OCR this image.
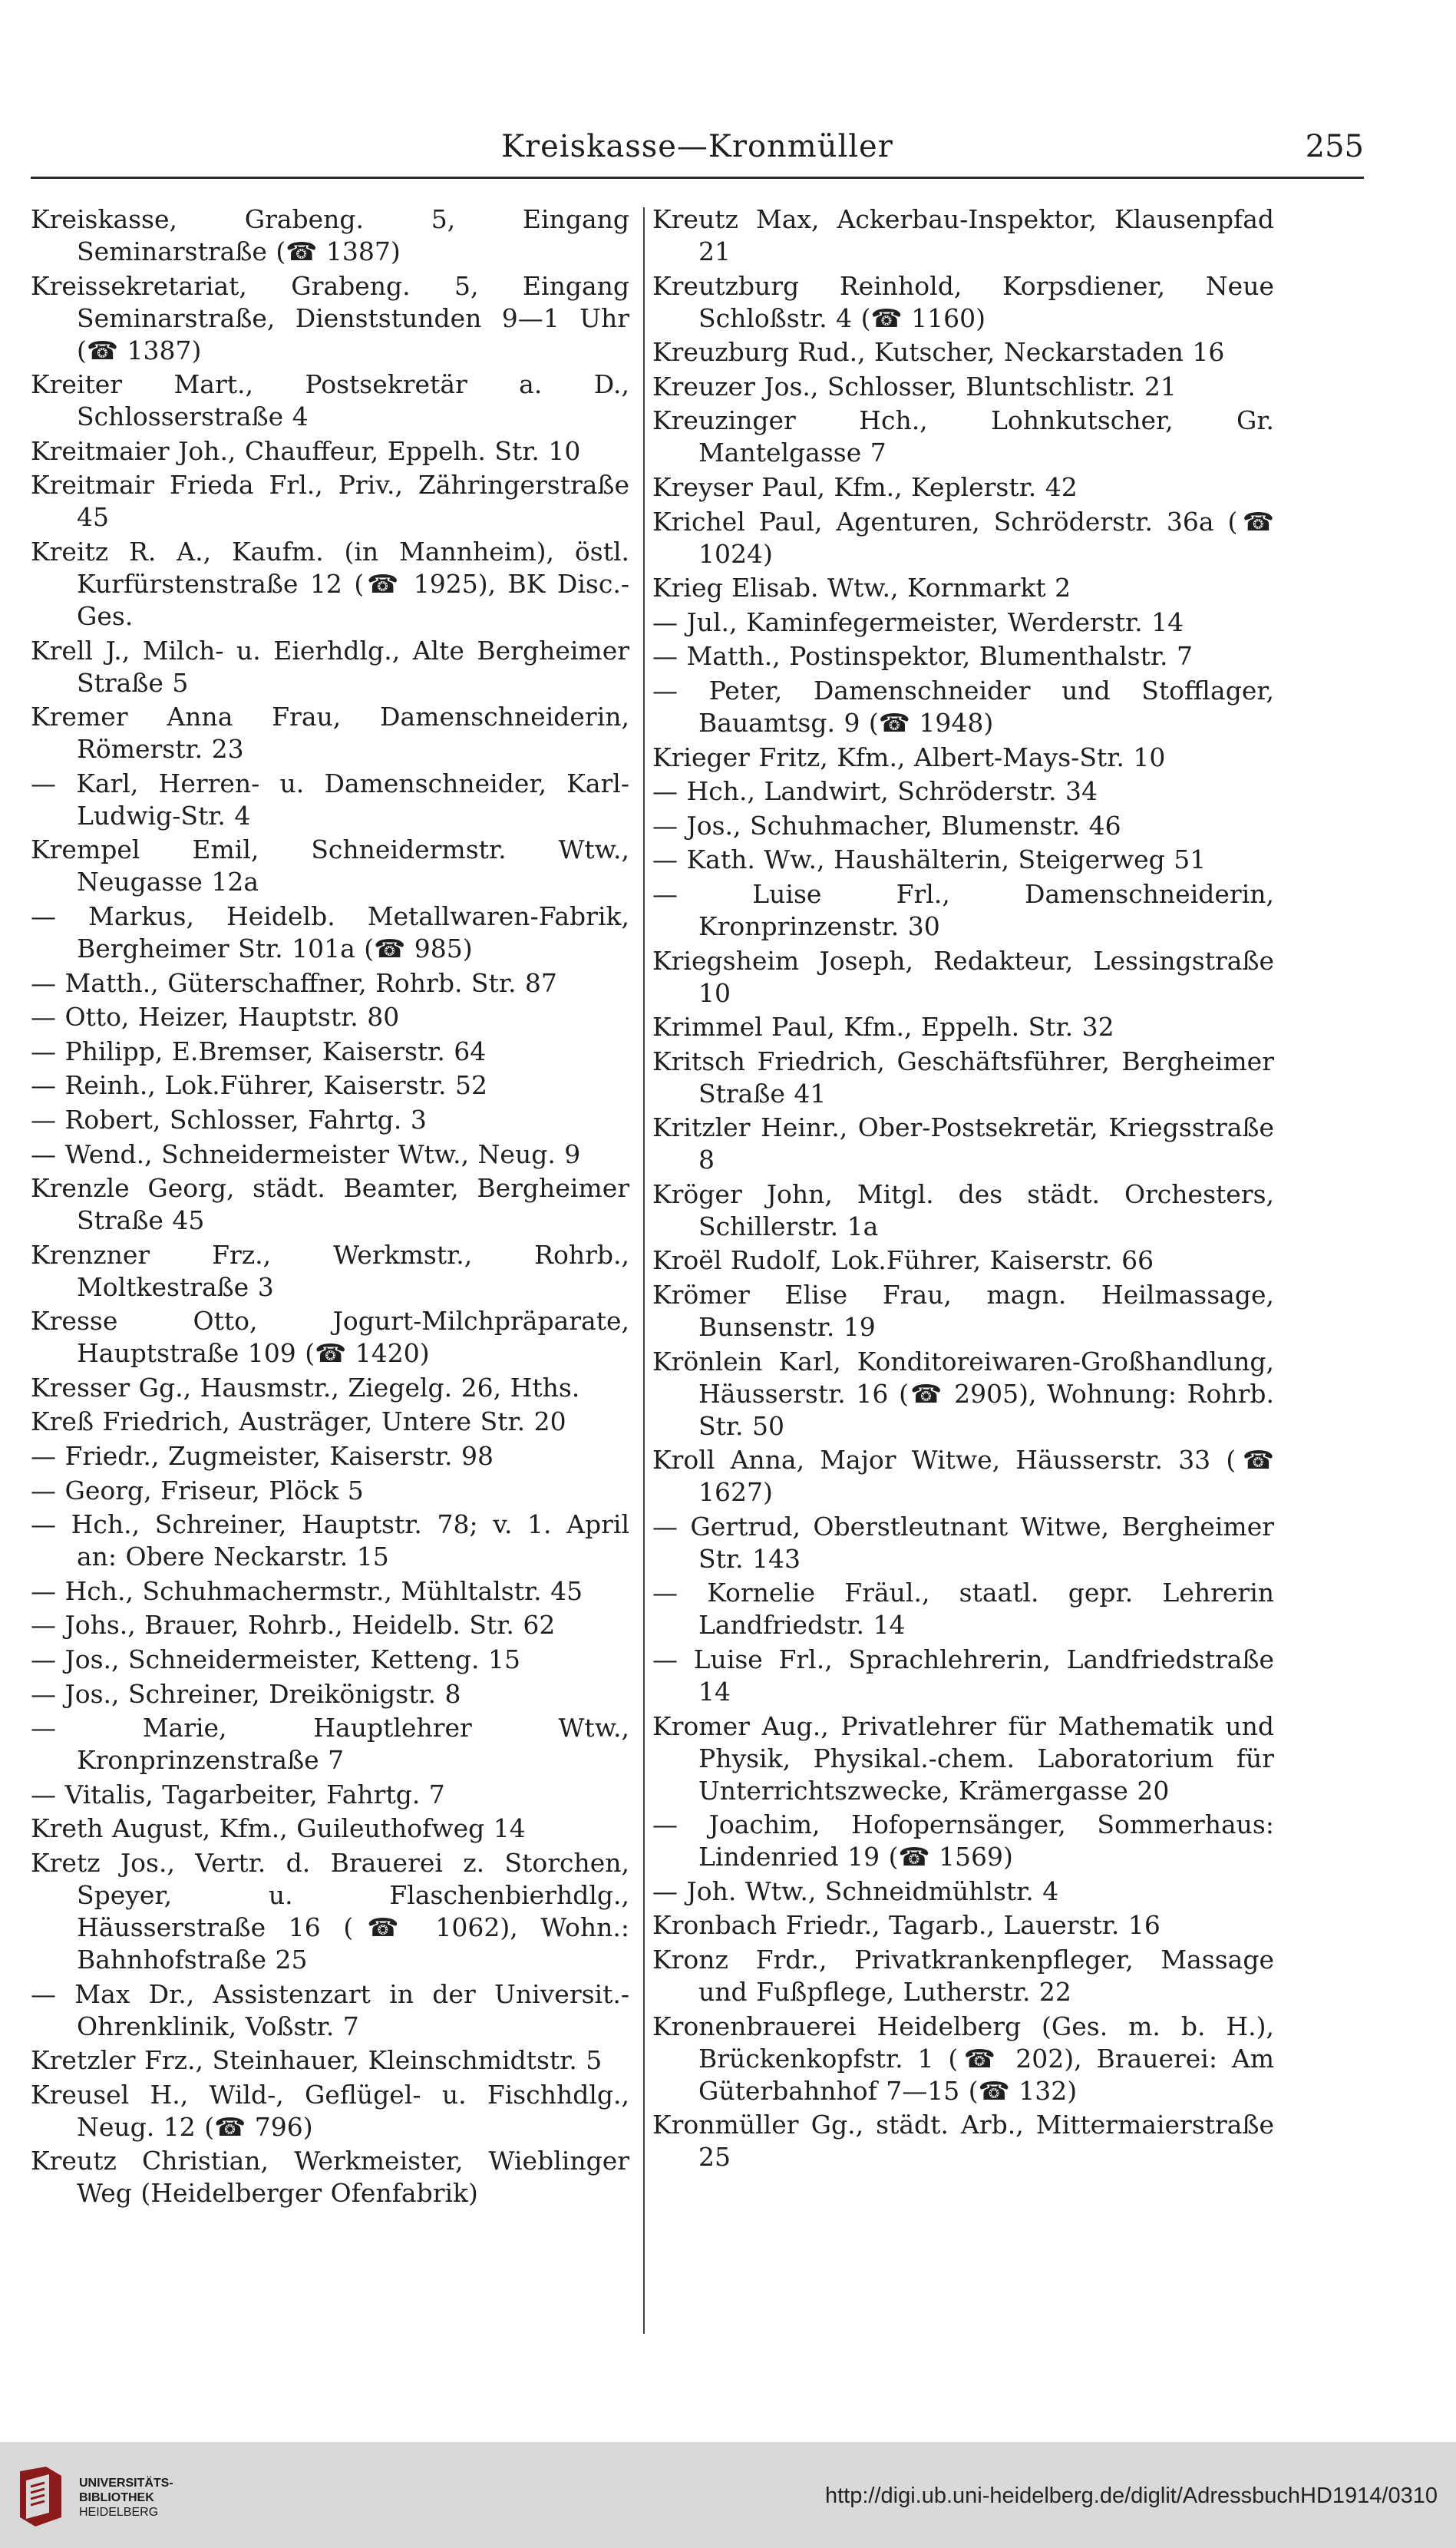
Kreiskasse—Kronmüller	255

Kreiskasse, Grabeng. 5, Eingang Seminarstraße (☎ 1387)

Kreissekretariat, Grabeng. 5, Eingang Seminarstraße, Dienststunden 9—1 Uhr (☎ 1387)

Kreiter Mart., Postsekretär a. D., Schlosserstraße 4

Kreitmaier Joh., Chauffeur, Eppelh. Str. 10

Kreitmair Frieda Frl., Priv., Zähringerstraße 45

Kreitz R. A., Kaufm. (in Mannheim), östl. Kurfürstenstraße 12 (☎ 1925), BK Disc.-Ges.

Krell J., Milch- u. Eierhdlg., Alte Bergheimer Straße 5

Kremer Anna Frau, Damenschneiderin, Römerstr. 23

— Karl, Herren- u. Damenschneider, Karl-Ludwig-Str. 4

Krempel Emil, Schneidermstr. Wtw., Neugasse 12a

— Markus, Heidelb. Metallwaren-Fabrik, Bergheimer Str. 101a (☎ 985)

— Matth., Güterschaffner, Rohrb. Str. 87

— Otto, Heizer, Hauptstr. 80

— Philipp, E.Bremser, Kaiserstr. 64

— Reinh., Lok.Führer, Kaiserstr. 52

— Robert, Schlosser, Fahrtg. 3

— Wend., Schneidermeister Wtw., Neug. 9

Krenzle Georg, städt. Beamter, Bergheimer Straße 45

Krenzner Frz., Werkmstr., Rohrb., Moltkestraße 3

Kresse Otto, Jogurt-Milchpräparate, Hauptstraße 109 (☎ 1420)

Kresser Gg., Hausmstr., Ziegelg. 26, Hths.

Kreß Friedrich, Austräger, Untere Str. 20

— Friedr., Zugmeister, Kaiserstr. 98

— Georg, Friseur, Plöck 5

— Hch., Schreiner, Hauptstr. 78; v. 1. April an: Obere Neckarstr. 15

— Hch., Schuhmachermstr., Mühltalstr. 45

— Johs., Brauer, Rohrb., Heidelb. Str. 62

— Jos., Schneidermeister, Ketteng. 15

— Jos., Schreiner, Dreikönigstr. 8

— Marie, Hauptlehrer Wtw., Kronprinzenstraße 7

— Vitalis, Tagarbeiter, Fahrtg. 7

Kreth August, Kfm., Guileuthofweg 14

Kretz Jos., Vertr. d. Brauerei z. Storchen, Speyer, u. Flaschenbierhdlg., Häusserstraße 16 (☎ 1062), Wohn.: Bahnhofstraße 25

— Max Dr., Assistenzart in der Universit.-Ohrenklinik, Voßstr. 7

Kretzler Frz., Steinhauer, Kleinschmidtstr. 5

Kreusel H., Wild-, Geflügel- u. Fischhdlg., Neug. 12 (☎ 796)

Kreutz Christian, Werkmeister, Wieblinger Weg (Heidelberger Ofenfabrik)

Kreutz Max, Ackerbau-Inspektor, Klausenpfad 21

Kreutzburg Reinhold, Korpsdiener, Neue Schloßstr. 4 (☎ 1160)

Kreuzburg Rud., Kutscher, Neckarstaden 16

Kreuzer Jos., Schlosser, Bluntschlistr. 21

Kreuzinger Hch., Lohnkutscher, Gr. Mantelgasse 7

Kreyser Paul, Kfm., Keplerstr. 42

Krichel Paul, Agenturen, Schröderstr. 36a (☎ 1024)

Krieg Elisab. Wtw., Kornmarkt 2

— Jul., Kaminfegermeister, Werderstr. 14

— Matth., Postinspektor, Blumenthalstr. 7

— Peter, Damenschneider und Stofflager, Bauamtsg. 9 (☎ 1948)

Krieger Fritz, Kfm., Albert-Mays-Str. 10

— Hch., Landwirt, Schröderstr. 34

— Jos., Schuhmacher, Blumenstr. 46

— Kath. Ww., Haushälterin, Steigerweg 51

— Luise Frl., Damenschneiderin, Kronprinzenstr. 30

Kriegsheim Joseph, Redakteur, Lessingstraße 10

Krimmel Paul, Kfm., Eppelh. Str. 32

Kritsch Friedrich, Geschäftsführer, Bergheimer Straße 41

Kritzler Heinr., Ober-Postsekretär, Kriegsstraße 8

Kröger John, Mitgl. des städt. Orchesters, Schillerstr. 1a

Kroël Rudolf, Lok.Führer, Kaiserstr. 66

Krömer Elise Frau, magn. Heilmassage, Bunsenstr. 19

Krönlein Karl, Konditoreiwaren-Großhandlung, Häusserstr. 16 (☎ 2905), Wohnung: Rohrb. Str. 50

Kroll Anna, Major Witwe, Häusserstr. 33 (☎ 1627)

— Gertrud, Oberstleutnant Witwe, Bergheimer Str. 143

— Kornelie Fräul., staatl. gepr. Lehrerin Landfriedstr. 14

— Luise Frl., Sprachlehrerin, Landfriedstraße 14

Kromer Aug., Privatlehrer für Mathematik und Physik, Physikal.-chem. Laboratorium für Unterrichtszwecke, Krämergasse 20

— Joachim, Hofopernsänger, Sommerhaus: Lindenried 19 (☎ 1569)

— Joh. Wtw., Schneidmühlstr. 4

Kronbach Friedr., Tagarb., Lauerstr. 16

Kronz Frdr., Privatkrankenpfleger, Massage und Fußpflege, Lutherstr. 22

Kronenbrauerei Heidelberg (Ges. m. b. H.), Brückenkopfstr. 1 (☎ 202), Brauerei: Am Güterbahnhof 7—15 (☎ 132)

Kronmüller Gg., städt. Arb., Mittermaierstraße 25

UNIVERSITÄTS-
BIBLIOTHEK
HEIDELBERG
http://digi.ub.uni-heidelberg.de/diglit/AdressbuchHD1914/0310
